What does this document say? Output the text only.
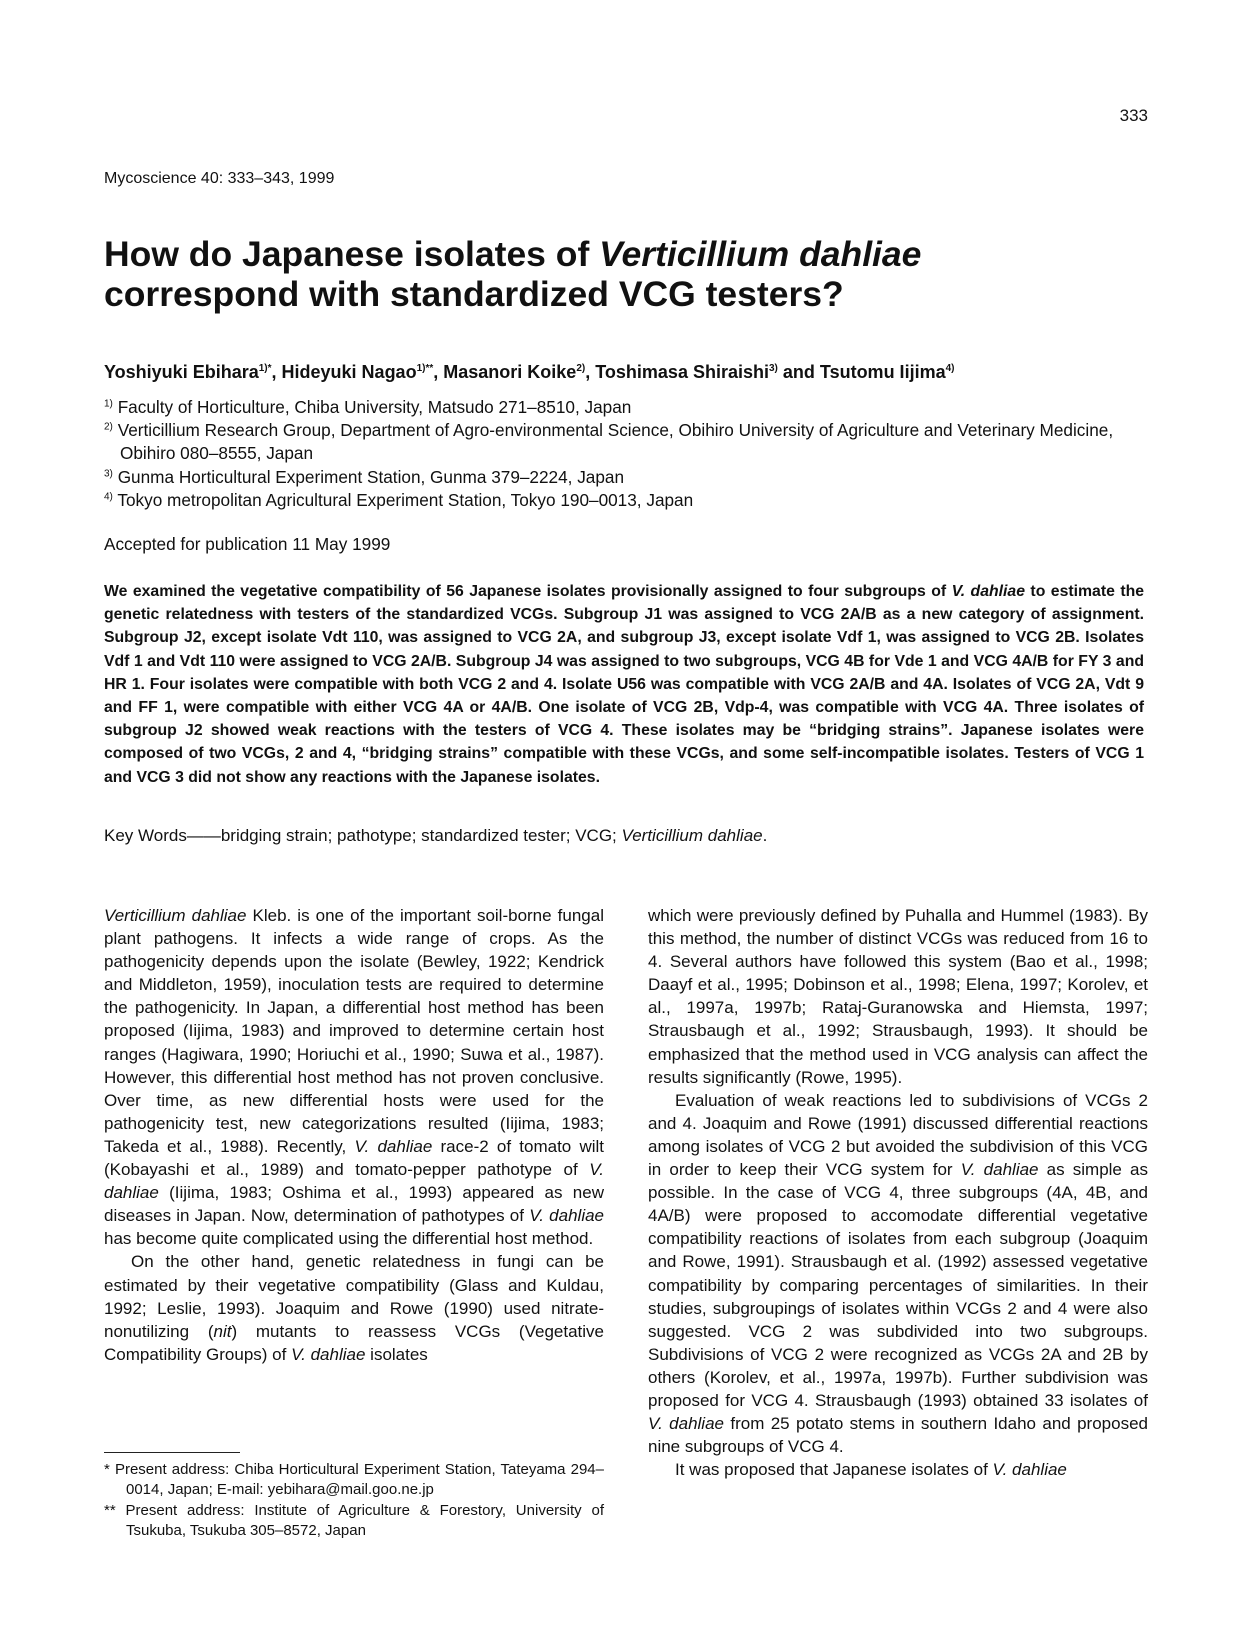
333
Mycoscience 40: 333–343, 1999
How do Japanese isolates of Verticillium dahliae
correspond with standardized VCG testers?
Yoshiyuki Ebihara$^{1)*}$, Hideyuki Nagao$^{1)**}$, Masanori Koike$^{2)}$, Toshimasa Shiraishi$^{3)}$ and Tsutomu Iijima$^{4)}$
$^{1)}$ Faculty of Horticulture, Chiba University, Matsudo 271–8510, Japan
$^{2)}$ Verticillium Research Group, Department of Agro-environmental Science, Obihiro University of Agriculture and Veterinary Medicine, Obihiro 080–8555, Japan
$^{3)}$ Gunma Horticultural Experiment Station, Gunma 379–2224, Japan
$^{4)}$ Tokyo metropolitan Agricultural Experiment Station, Tokyo 190–0013, Japan
Accepted for publication 11 May 1999

We examined the vegetative compatibility of 56 Japanese isolates provisionally assigned to four subgroups of V. dahliae to estimate the genetic relatedness with testers of the standardized VCGs. Subgroup J1 was assigned to VCG 2A/B as a new category of assignment. Subgroup J2, except isolate Vdt 110, was assigned to VCG 2A, and subgroup J3, except isolate Vdf 1, was assigned to VCG 2B. Isolates Vdf 1 and Vdt 110 were assigned to VCG 2A/B. Subgroup J4 was assigned to two subgroups, VCG 4B for Vde 1 and VCG 4A/B for FY 3 and HR 1. Four isolates were compatible with both VCG 2 and 4. Isolate U56 was compatible with VCG 2A/B and 4A. Isolates of VCG 2A, Vdt 9 and FF 1, were compatible with either VCG 4A or 4A/B. One isolate of VCG 2B, Vdp-4, was compatible with VCG 4A. Three isolates of subgroup J2 showed weak reactions with the testers of VCG 4. These isolates may be “bridging strains”. Japanese isolates were composed of two VCGs, 2 and 4, “bridging strains” compatible with these VCGs, and some self-incompatible isolates. Testers of VCG 1 and VCG 3 did not show any reactions with the Japanese isolates.

Key Words——bridging strain; pathotype; standardized tester; VCG; Verticillium dahliae.

Verticillium dahliae Kleb. is one of the important soil-borne fungal plant pathogens. It infects a wide range of crops. As the pathogenicity depends upon the isolate (Bewley, 1922; Kendrick and Middleton, 1959), inoculation tests are required to determine the pathogenicity. In Japan, a differential host method has been proposed (Iijima, 1983) and improved to determine certain host ranges (Hagiwara, 1990; Horiuchi et al., 1990; Suwa et al., 1987). However, this differential host method has not proven conclusive. Over time, as new differential hosts were used for the pathogenicity test, new categorizations resulted (Iijima, 1983; Takeda et al., 1988). Recently, V. dahliae race-2 of tomato wilt (Kobayashi et al., 1989) and tomato-pepper pathotype of V. dahliae (Iijima, 1983; Oshima et al., 1993) appeared as new diseases in Japan. Now, determination of pathotypes of V. dahliae has become quite complicated using the differential host method.

On the other hand, genetic relatedness in fungi can be estimated by their vegetative compatibility (Glass and Kuldau, 1992; Leslie, 1993). Joaquim and Rowe (1990) used nitrate-nonutilizing (nit) mutants to reassess VCGs (Vegetative Compatibility Groups) of V. dahliae isolates

* Present address: Chiba Horticultural Experiment Station, Tateyama 294–0014, Japan; E-mail: yebihara@mail.goo.ne.jp
** Present address: Institute of Agriculture & Forestory, University of Tsukuba, Tsukuba 305–8572, Japan

which were previously defined by Puhalla and Hummel (1983). By this method, the number of distinct VCGs was reduced from 16 to 4. Several authors have followed this system (Bao et al., 1998; Daayf et al., 1995; Dobinson et al., 1998; Elena, 1997; Korolev, et al., 1997a, 1997b; Rataj-Guranowska and Hiemsta, 1997; Strausbaugh et al., 1992; Strausbaugh, 1993). It should be emphasized that the method used in VCG analysis can affect the results significantly (Rowe, 1995).

Evaluation of weak reactions led to subdivisions of VCGs 2 and 4. Joaquim and Rowe (1991) discussed differential reactions among isolates of VCG 2 but avoided the subdivision of this VCG in order to keep their VCG system for V. dahliae as simple as possible. In the case of VCG 4, three subgroups (4A, 4B, and 4A/B) were proposed to accomodate differential vegetative compatibility reactions of isolates from each subgroup (Joaquim and Rowe, 1991). Strausbaugh et al. (1992) assessed vegetative compatibility by comparing percentages of similarities. In their studies, subgroupings of isolates within VCGs 2 and 4 were also suggested. VCG 2 was subdivided into two subgroups. Subdivisions of VCG 2 were recognized as VCGs 2A and 2B by others (Korolev, et al., 1997a, 1997b). Further subdivision was proposed for VCG 4. Strausbaugh (1993) obtained 33 isolates of V. dahliae from 25 potato stems in southern Idaho and proposed nine subgroups of VCG 4.

It was proposed that Japanese isolates of V. dahliae
